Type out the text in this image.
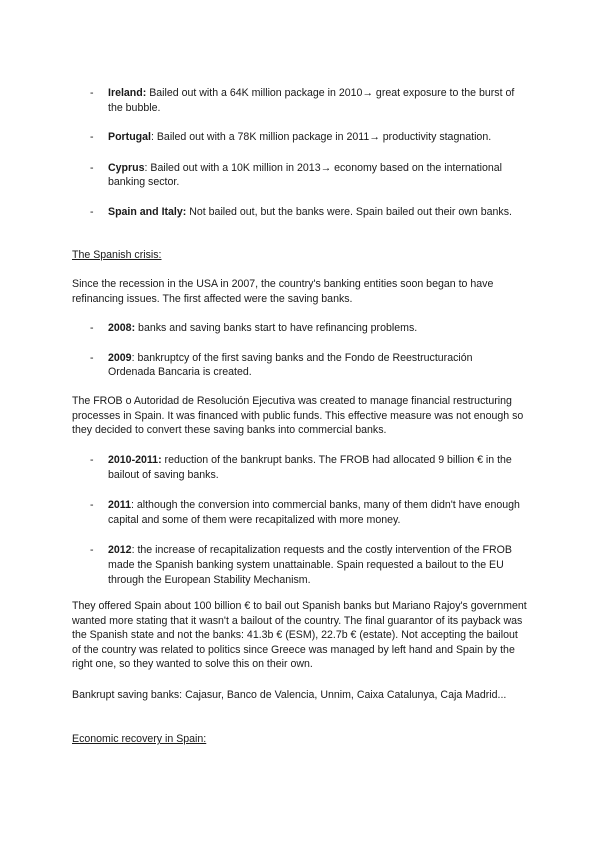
- Ireland: Bailed out with a 64K million package in 2010→ great exposure to the burst of the bubble.

- Portugal: Bailed out with a 78K million package in 2011→ productivity stagnation.

- Cyprus: Bailed out with a 10K million in 2013→ economy based on the international banking sector.

- Spain and Italy: Not bailed out, but the banks were. Spain bailed out their own banks.

The Spanish crisis:

Since the recession in the USA in 2007, the country's banking entities soon began to have refinancing issues. The first affected were the saving banks.

- 2008: banks and saving banks start to have refinancing problems.

- 2009: bankruptcy of the first saving banks and the Fondo de Reestructuración Ordenada Bancaria is created.

The FROB o Autoridad de Resolución Ejecutiva was created to manage financial restructuring processes in Spain. It was financed with public funds. This effective measure was not enough so they decided to convert these saving banks into commercial banks.

- 2010-2011: reduction of the bankrupt banks. The FROB had allocated 9 billion € in the bailout of saving banks.

- 2011: although the conversion into commercial banks, many of them didn't have enough capital and some of them were recapitalized with more money.

- 2012: the increase of recapitalization requests and the costly intervention of the FROB made the Spanish banking system unattainable. Spain requested a bailout to the EU through the European Stability Mechanism.

They offered Spain about 100 billion € to bail out Spanish banks but Mariano Rajoy's government wanted more stating that it wasn't a bailout of the country. The final guarantor of its payback was the Spanish state and not the banks: 41.3b € (ESM), 22.7b € (estate). Not accepting the bailout of the country was related to politics since Greece was managed by left hand and Spain by the right one, so they wanted to solve this on their own.

Bankrupt saving banks: Cajasur, Banco de Valencia, Unnim, Caixa Catalunya, Caja Madrid...

Economic recovery in Spain:
